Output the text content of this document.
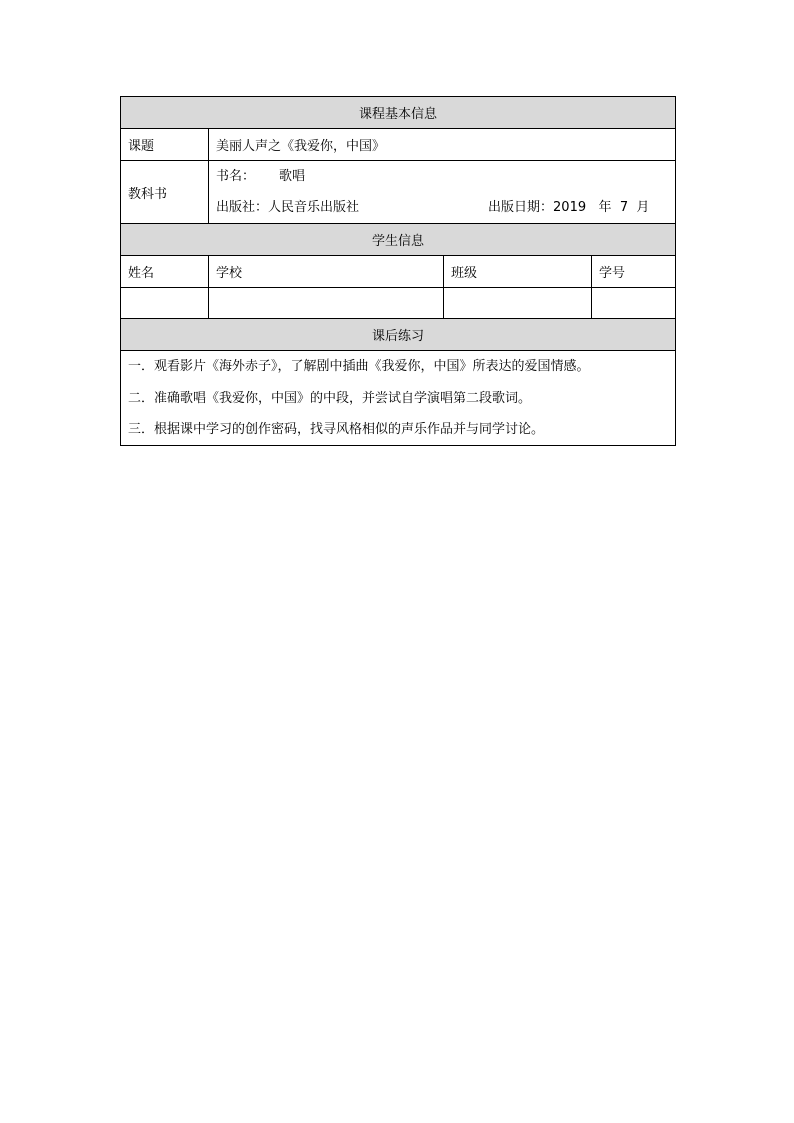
课程基本信息			
课题	美丽人声之《我爱你，中国》		
教科书	书名： 歌唱
出版社：人民音乐出版社 出版日期：2019 年 7 月		

学生信息			
姓名	学校	班级	学号

课后练习			

一．观看影片《海外赤子》，了解剧中插曲《我爱你，中国》所表达的爱国情感。
二．准确歌唱《我爱你，中国》的中段，并尝试自学演唱第二段歌词。
三．根据课中学习的创作密码，找寻风格相似的声乐作品并与同学讨论。			
